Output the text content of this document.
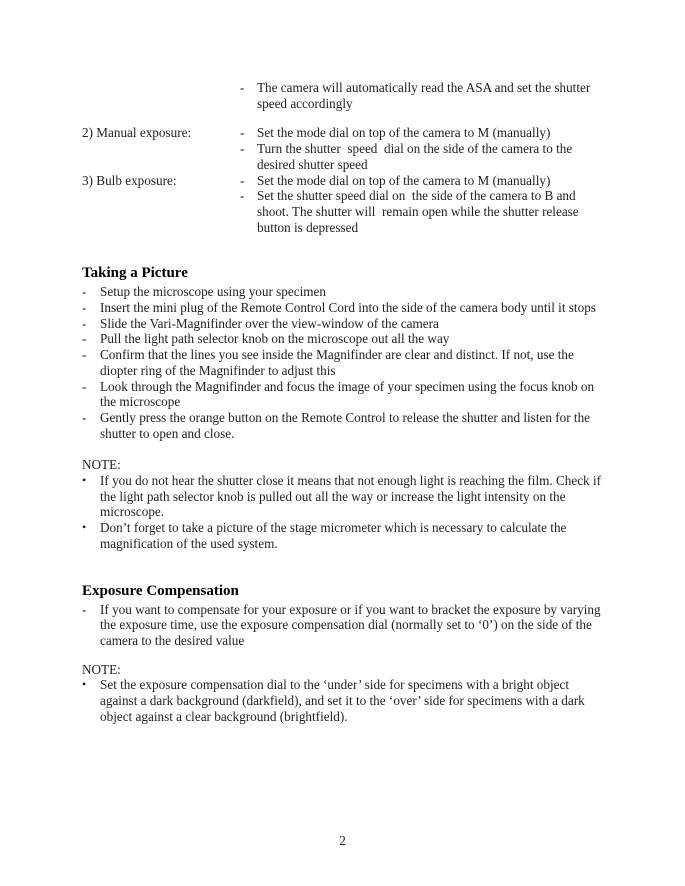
- The camera will automatically read the ASA and set the shutter speed accordingly
2) Manual exposure:	- Set the mode dial on top of the camera to M (manually)
- Turn the shutter  speed  dial on the side of the camera to the desired shutter speed
3) Bulb exposure:	- Set the mode dial on top of the camera to M (manually)
- Set the shutter speed dial on  the side of the camera to B and shoot. The shutter will  remain open while the shutter release button is depressed
Taking a Picture
-	Setup the microscope using your specimen
-	Insert the mini plug of the Remote Control Cord into the side of the camera body until it stops
-	Slide the Vari-Magnifinder over the view-window of the camera
-	Pull the light path selector knob on the microscope out all the way
-	Confirm that the lines you see inside the Magnifinder are clear and distinct. If not, use the diopter ring of the Magnifinder to adjust this
-	Look through the Magnifinder and focus the image of your specimen using the focus knob on the microscope
-	Gently press the orange button on the Remote Control to release the shutter and listen for the shutter to open and close.
NOTE:
•	If you do not hear the shutter close it means that not enough light is reaching the film. Check if the light path selector knob is pulled out all the way or increase the light intensity on the microscope.
•	Don’t forget to take a picture of the stage micrometer which is necessary to calculate the magnification of the used system.
Exposure Compensation
-	If you want to compensate for your exposure or if you want to bracket the exposure by varying the exposure time, use the exposure compensation dial (normally set to ‘0’) on the side of the camera to the desired value
NOTE:
•	Set the exposure compensation dial to the ‘under’ side for specimens with a bright object against a dark background (darkfield), and set it to the ‘over’ side for specimens with a dark object against a clear background (brightfield).
2
